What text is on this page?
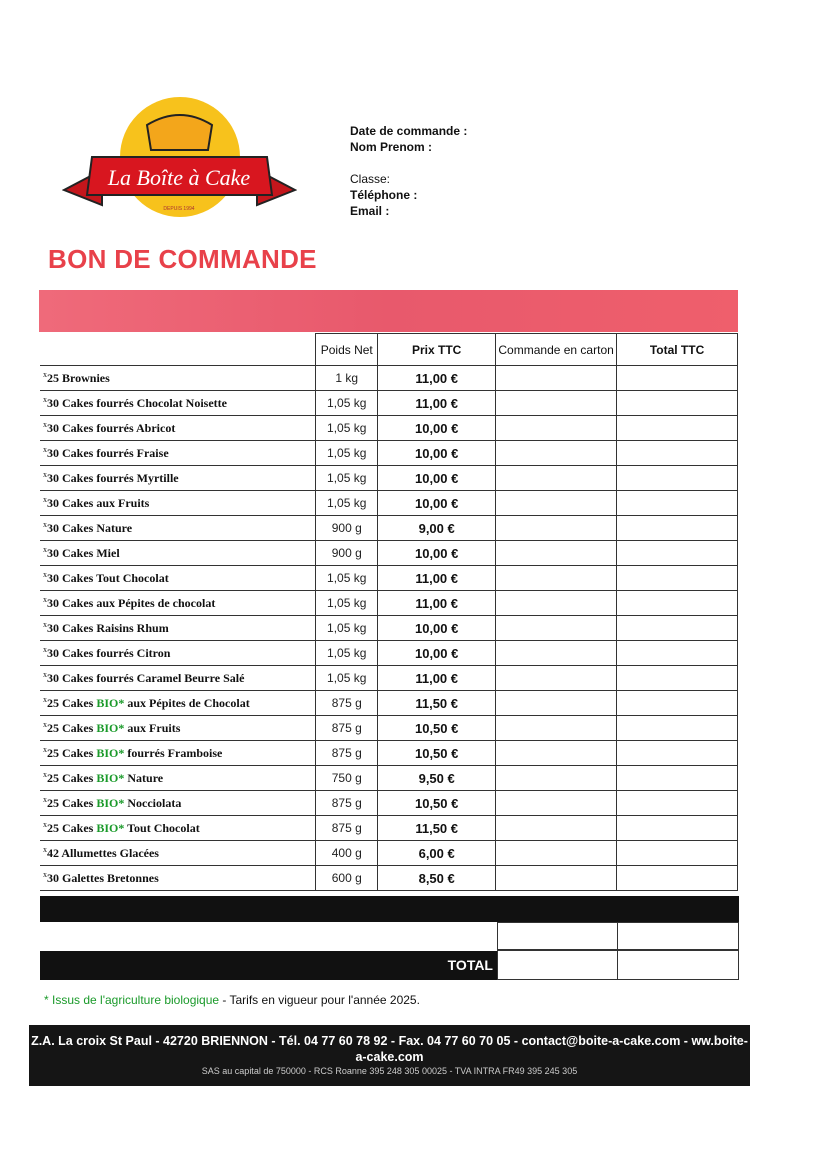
La Boîte à Cake
DEPUIS 1994
Date de commande :
Nom Prenom :
Classe:
Téléphone :
Email :
BON DE COMMANDE
	Poids Net	Prix TTC	Commande en carton	Total TTC
$^x$25 Brownies	1 kg	11,00 €		
$^x$30 Cakes fourrés Chocolat Noisette	1,05 kg	11,00 €		
$^x$30 Cakes fourrés Abricot	1,05 kg	10,00 €		
$^x$30 Cakes fourrés Fraise	1,05 kg	10,00 €		
$^x$30 Cakes fourrés Myrtille	1,05 kg	10,00 €		
$^x$30 Cakes aux Fruits	1,05 kg	10,00 €		
$^x$30 Cakes Nature	900 g	9,00 €		
$^x$30 Cakes Miel	900 g	10,00 €		
$^x$30 Cakes Tout Chocolat	1,05 kg	11,00 €		
$^x$30 Cakes aux Pépites de chocolat	1,05 kg	11,00 €		
$^x$30 Cakes Raisins Rhum	1,05 kg	10,00 €		
$^x$30 Cakes fourrés Citron	1,05 kg	10,00 €		
$^x$30 Cakes fourrés Caramel Beurre Salé	1,05 kg	11,00 €		
$^x$25 Cakes BIO* aux Pépites de Chocolat	875 g	11,50 €		
$^x$25 Cakes BIO* aux Fruits	875 g	10,50 €		
$^x$25 Cakes BIO* fourrés Framboise	875 g	10,50 €		
$^x$25 Cakes BIO* Nature	750 g	9,50 €		
$^x$25 Cakes BIO* Nocciolata	875 g	10,50 €		
$^x$25 Cakes BIO* Tout Chocolat	875 g	11,50 €		
$^x$42 Allumettes Glacées	400 g	6,00 €		
$^x$30 Galettes Bretonnes	600 g	8,50 €		
TOTAL
* Issus de l'agriculture biologique - Tarifs en vigueur pour l'année 2025.
Z.A. La croix St Paul - 42720 BRIENNON - Tél. 04 77 60 78 92 - Fax. 04 77 60 70 05 - contact@boite-a-cake.com - ww.boite-a-cake.com
SAS au capital de 750000 - RCS Roanne 395 248 305 00025 - TVA INTRA FR49 395 245 305
